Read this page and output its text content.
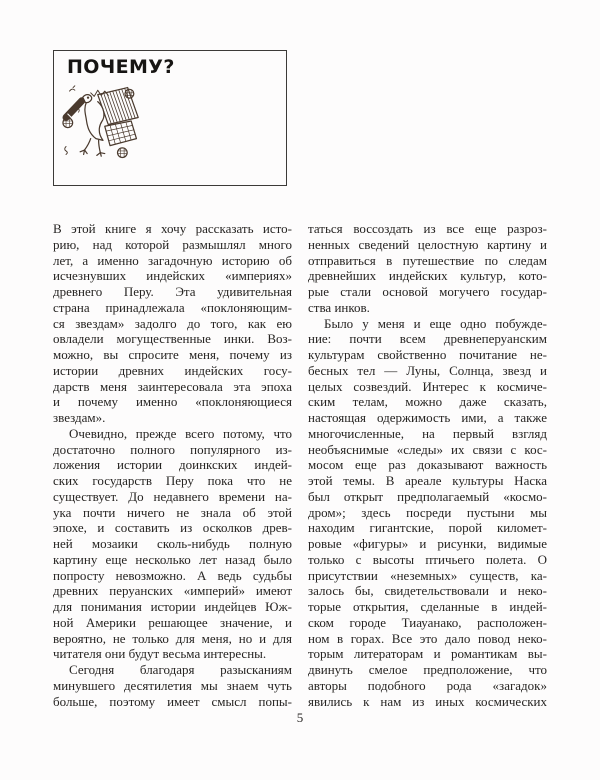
ПОЧЕМУ?
В этой книге я хочу рассказать исто-
рию, над которой размышлял много
лет, а именно загадочную историю об
исчезнувших индейских «империях»
древнего Перу. Эта удивительная
страна принадлежала «поклоняющим-
ся звездам» задолго до того, как ею
овладели могущественные инки. Воз-
можно, вы спросите меня, почему из
истории древних индейских госу-
дарств меня заинтересовала эта эпоха
и почему именно «поклоняющиеся
звездам».
Очевидно, прежде всего потому, что
достаточно полного популярного из-
ложения истории доинкских индей-
ских государств Перу пока что не
существует. До недавнего времени на-
ука почти ничего не знала об этой
эпохе, и составить из осколков древ-
ней мозаики сколь-нибудь полную
картину еще несколько лет назад было
попросту невозможно. А ведь судьбы
древних перуанских «империй» имеют
для понимания истории индейцев Юж-
ной Америки решающее значение, и
вероятно, не только для меня, но и для
читателя они будут весьма интересны.
Сегодня благодаря разысканиям
минувшего десятилетия мы знаем чуть
больше, поэтому имеет смысл попы-
таться воссоздать из все еще разроз-
ненных сведений целостную картину и
отправиться в путешествие по следам
древнейших индейских культур, кото-
рые стали основой могучего государ-
ства инков.
Было у меня и еще одно побужде-
ние: почти всем древнеперуанским
культурам свойственно почитание не-
бесных тел — Луны, Солнца, звезд и
целых созвездий. Интерес к космиче-
ским телам, можно даже сказать,
настоящая одержимость ими, а также
многочисленные, на первый взгляд
необъяснимые «следы» их связи с кос-
мосом еще раз доказывают важность
этой темы. В ареале культуры Наска
был открыт предполагаемый «космо-
дром»; здесь посреди пустыни мы
находим гигантские, порой километ-
ровые «фигуры» и рисунки, видимые
только с высоты птичьего полета. О
присутствии «неземных» существ, ка-
залось бы, свидетельствовали и неко-
торые открытия, сделанные в индей-
ском городе Тиауанако, расположен-
ном в горах. Все это дало повод неко-
торым литераторам и романтикам вы-
двинуть смелое предположение, что
авторы подобного рода «загадок»
явились к нам из иных космических
5
